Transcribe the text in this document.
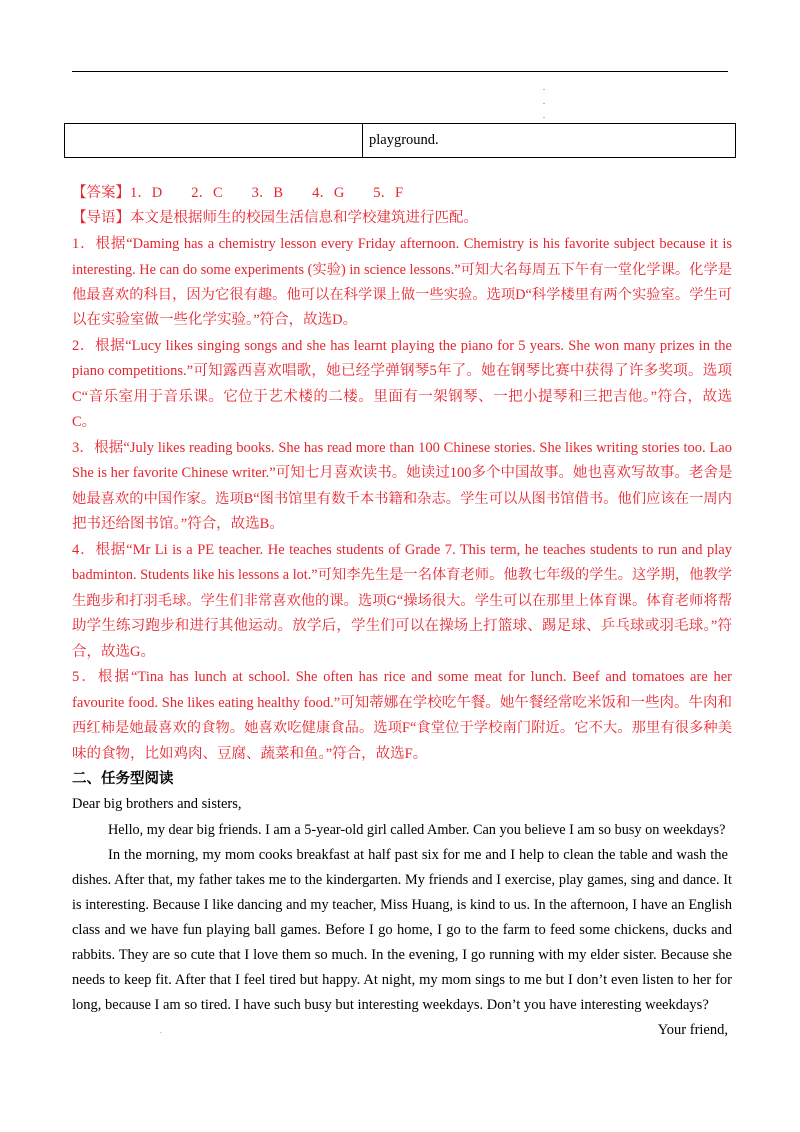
.
.
.
	playground.
【答案】1．D　　2．C　　3．B　　4．G　　5．F
【导语】本文是根据师生的校园生活信息和学校建筑进行匹配。
1．根据“Daming has a chemistry lesson every Friday afternoon. Chemistry is his favorite subject because it is
interesting. He can do some experiments (实验) in science lessons.”可知大名每周五下午有一堂化学课。化学是
他最喜欢的科目，因为它很有趣。他可以在科学课上做一些实验。选项D“科学楼里有两个实验室。学生可
以在实验室做一些化学实验。”符合，故选D。
2．根据“Lucy likes singing songs and she has learnt playing the piano for 5 years. She won many prizes in the
piano competitions.”可知露西喜欢唱歌，她已经学弹钢琴5年了。她在钢琴比赛中获得了许多奖项。选项
C“音乐室用于音乐课。它位于艺术楼的二楼。里面有一架钢琴、一把小提琴和三把吉他。”符合，故选
C。
3．根据“July likes reading books. She has read more than 100 Chinese stories. She likes writing stories too. Lao
She is her favorite Chinese writer.”可知七月喜欢读书。她读过100多个中国故事。她也喜欢写故事。老舍是
她最喜欢的中国作家。选项B“图书馆里有数千本书籍和杂志。学生可以从图书馆借书。他们应该在一周内
把书还给图书馆。”符合，故选B。
4．根据“Mr Li is a PE teacher. He teaches students of Grade 7. This term, he teaches students to run and play
badminton. Students like his lessons a lot.”可知李先生是一名体育老师。他教七年级的学生。这学期，他教学
生跑步和打羽毛球。学生们非常喜欢他的课。选项G“操场很大。学生可以在那里上体育课。体育老师将帮
助学生练习跑步和进行其他运动。放学后，学生们可以在操场上打篮球、踢足球、乒乓球或羽毛球。”符
合，故选G。
5．根据“Tina has lunch at school. She often has rice and some meat for lunch. Beef and tomatoes are her
favourite food. She likes eating healthy food.”可知蒂娜在学校吃午餐。她午餐经常吃米饭和一些肉。牛肉和
西红柿是她最喜欢的食物。她喜欢吃健康食品。选项F“食堂位于学校南门附近。它不大。那里有很多种美
味的食物，比如鸡肉、豆腐、蔬菜和鱼。”符合，故选F。
二、任务型阅读
Dear big brothers and sisters,
Hello, my dear big friends. I am a 5-year-old girl called Amber. Can you believe I am so busy on weekdays?
In the morning, my mom cooks breakfast at half past six for me and I help to clean the table and wash the
dishes. After that, my father takes me to the kindergarten. My friends and I exercise, play games, sing and dance. It
is interesting. Because I like dancing and my teacher, Miss Huang, is kind to us. In the afternoon, I have an English
class and we have fun playing ball games. Before I go home, I go to the farm to feed some chickens, ducks and
rabbits. They are so cute that I love them so much. In the evening, I go running with my elder sister. Because she
needs to keep fit. After that I feel tired but happy. At night, my mom sings to me but I don’t even listen to her for
long, because I am so tired. I have such busy but interesting weekdays. Don’t you have interesting weekdays?
Your friend,
.
